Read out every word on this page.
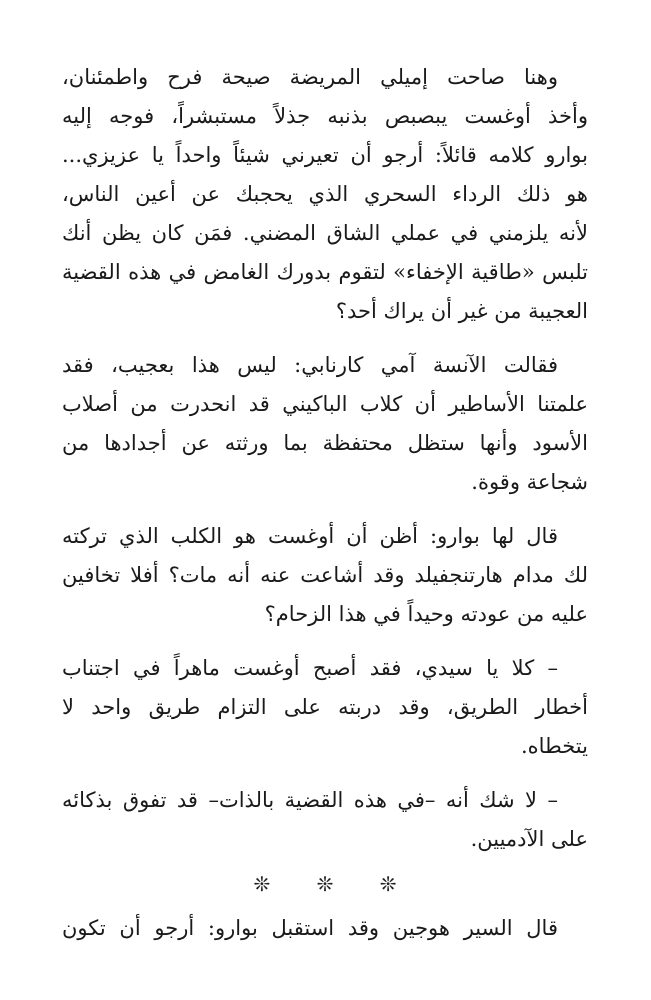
وهنا صاحت إميلي المريضة صيحة فرح واطمئنان،
وأخذ أوغست يبصبص بذنبه جذلاً مستبشراً، فوجه إليه
بوارو كلامه قائلاً: أرجو أن تعيرني شيئاً واحداً يا عزيزي...
هو ذلك الرداء السحري الذي يحجبك عن أعين الناس،
لأنه يلزمني في عملي الشاق المضني. فمَن كان يظن أنك
تلبس «طاقية الإخفاء» لتقوم بدورك الغامض في هذه القضية
العجيبة من غير أن يراك أحد؟
فقالت الآنسة آمي كارنابي: ليس هذا بعجيب، فقد
علمتنا الأساطير أن كلاب الباكيني قد انحدرت من أصلاب
الأسود وأنها ستظل محتفظة بما ورثته عن أجدادها من
شجاعة وقوة.
قال لها بوارو: أظن أن أوغست هو الكلب الذي تركته
لك مدام هارتنجفيلد وقد أشاعت عنه أنه مات؟ أفلا تخافين
عليه من عودته وحيداً في هذا الزحام؟
– كلا يا سيدي، فقد أصبح أوغست ماهراً في اجتناب
أخطار الطريق، وقد دربته على التزام طريق واحد لا
يتخطاه.
– لا شك أنه –في هذه القضية بالذات– قد تفوق بذكائه
على الآدميين.
❊ ❊ ❊
قال السير هوجين وقد استقبل بوارو: أرجو أن تكون
